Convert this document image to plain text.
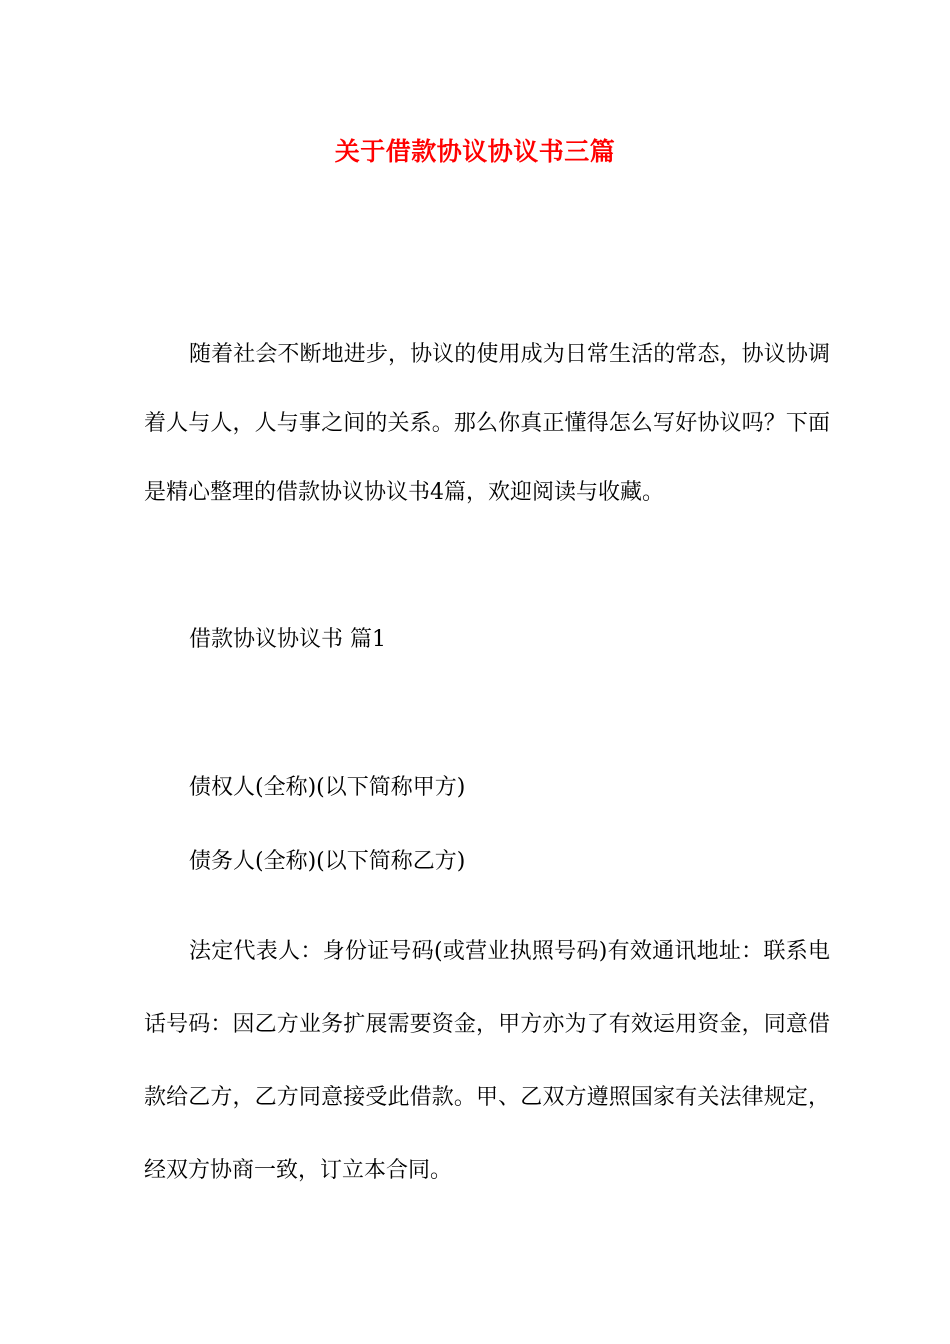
关于借款协议协议书三篇

随着社会不断地进步，协议的使用成为日常生活的常态，协议协调着人与人，人与事之间的关系。那么你真正懂得怎么写好协议吗？下面是精心整理的借款协议协议书4篇，欢迎阅读与收藏。

借款协议协议书 篇1

债权人(全称)(以下简称甲方)

债务人(全称)(以下简称乙方)

法定代表人：身份证号码(或营业执照号码)有效通讯地址：联系电话号码：因乙方业务扩展需要资金，甲方亦为了有效运用资金，同意借款给乙方，乙方同意接受此借款。甲、乙双方遵照国家有关法律规定，经双方协商一致，订立本合同。
